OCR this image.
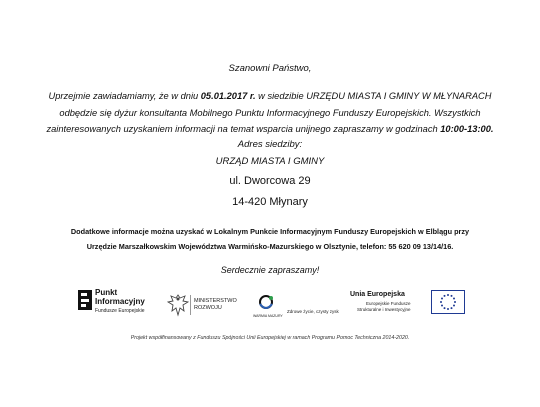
Szanowni Państwo,
Uprzejmie zawiadamiamy, że w dniu 05.01.2017 r. w siedzibie URZĘDU MIASTA I GMINY W MŁYNARACH
odbędzie się dyżur konsultanta Mobilnego Punktu Informacyjnego Funduszy Europejskich. Wszystkich
zainteresowanych uzyskaniem informacji na temat wsparcia unijnego zapraszamy w godzinach 10:00-13:00.
Adres siedziby:
URZĄD MIASTA I GMINY
ul. Dworcowa 29
14-420 Młynary
Dodatkowe informacje można uzyskać w Lokalnym Punkcie Informacyjnym Funduszy Europejskich w Elblągu przy
Urzędzie Marszałkowskim Województwa Warmińsko-Mazurskiego w Olsztynie, telefon: 55 620 09 13/14/16.
Serdecznie zapraszamy!
Punkt
Informacyjny
Fundusze Europejskie
MINISTERSTWO
ROZWOJU
WARMIA MAZURY
Zdrowe życie, czysty zysk
Unia Europejska
Europejskie Fundusze
Strukturalne i Inwestycyjne
Projekt współfinansowany z Funduszu Spójności Unii Europejskiej w ramach Programu Pomoc Techniczna 2014-2020.
